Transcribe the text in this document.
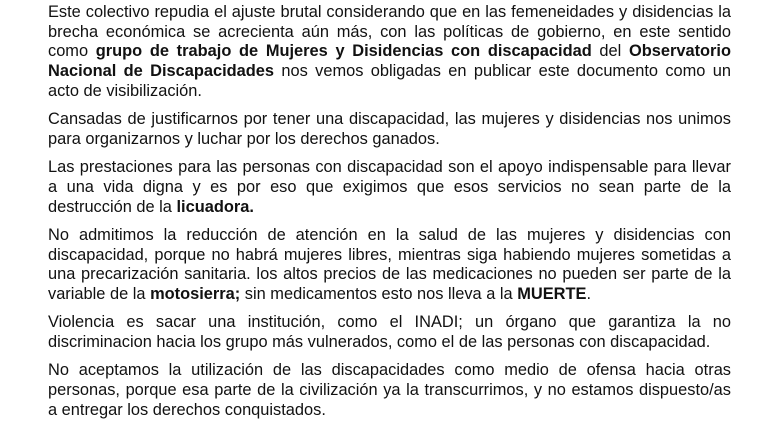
Este colectivo repudia el ajuste brutal considerando que en las femeneidades y disidencias la brecha económica se acrecienta aún más, con las políticas de gobierno, en este sentido como grupo de trabajo de Mujeres y Disidencias con discapacidad del Observatorio Nacional de Discapacidades nos vemos obligadas en publicar este documento como un acto de visibilización.

Cansadas de justificarnos por tener una discapacidad, las mujeres y disidencias nos unimos para organizarnos y luchar por los derechos ganados.

Las prestaciones para las personas con discapacidad son el apoyo indispensable para llevar a una vida digna y es por eso que exigimos que esos servicios no sean parte de la destrucción de la licuadora.

No admitimos la reducción de atención en la salud de las mujeres y disidencias con discapacidad, porque no habrá mujeres libres, mientras siga habiendo mujeres sometidas a una precarización sanitaria. los altos precios de las medicaciones no pueden ser parte de la variable de la motosierra; sin medicamentos esto nos lleva a la MUERTE.

Violencia es sacar una institución, como el INADI; un órgano que garantiza la no discriminacion hacia los grupo más vulnerados, como el de las personas con discapacidad.

No aceptamos la utilización de las discapacidades como medio de ofensa hacia otras personas, porque esa parte de la civilización ya la transcurrimos, y no estamos dispuesto/as a entregar los derechos conquistados.
